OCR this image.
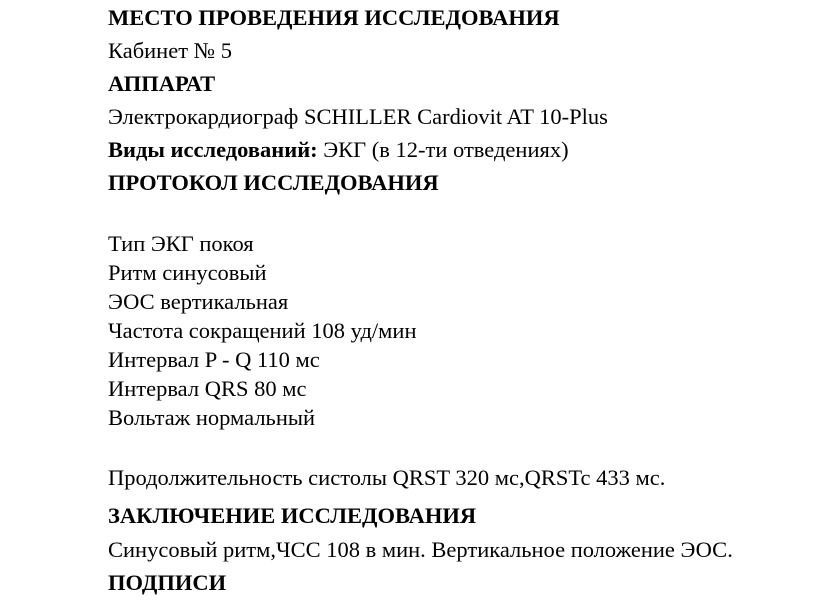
МЕСТО ПРОВЕДЕНИЯ ИССЛЕДОВАНИЯ
Кабинет № 5
АППАРАТ
Электрокардиограф SCHILLER Cardiovit AT 10-Plus
Виды исследований: ЭКГ (в 12-ти отведениях)
ПРОТОКОЛ ИССЛЕДОВАНИЯ
Тип ЭКГ покоя
Ритм синусовый
ЭОС вертикальная
Частота сокращений 108 уд/мин
Интервал P - Q 110 мс
Интервал QRS 80 мс
Вольтаж нормальный
Продолжительность систолы QRST 320 мс,QRSTc 433 мс.
ЗАКЛЮЧЕНИЕ ИССЛЕДОВАНИЯ
Синусовый ритм,ЧСС 108 в мин. Вертикальное положение ЭОС.
ПОДПИСИ
